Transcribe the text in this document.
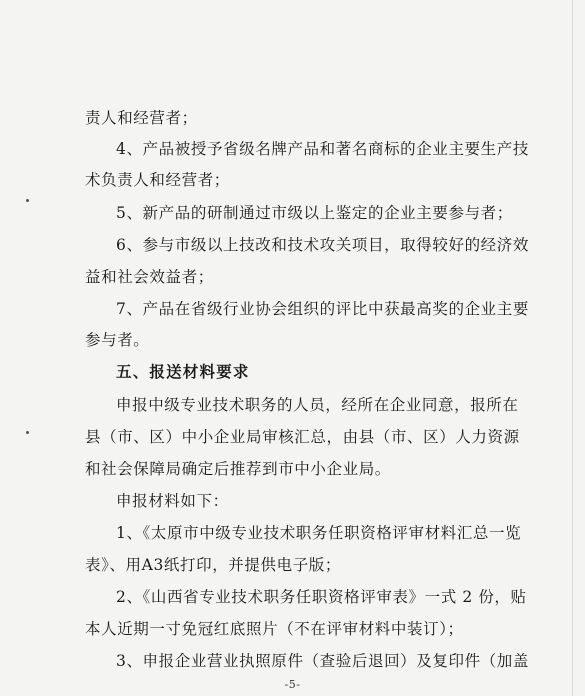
责人和经营者；
4、产品被授予省级名牌产品和著名商标的企业主要生产技
术负责人和经营者；
5、新产品的研制通过市级以上鉴定的企业主要参与者；
6、参与市级以上技改和技术攻关项目，取得较好的经济效
益和社会效益者；
7、产品在省级行业协会组织的评比中获最高奖的企业主要
参与者。
五、报送材料要求
申报中级专业技术职务的人员，经所在企业同意，报所在
县（市、区）中小企业局审核汇总，由县（市、区）人力资源
和社会保障局确定后推荐到市中小企业局。
申报材料如下：
1、《太原市中级专业技术职务任职资格评审材料汇总一览
表》、用A3纸打印，并提供电子版；
2、《山西省专业技术职务任职资格评审表》一式 2 份，贴
本人近期一寸免冠红底照片（不在评审材料中装订）；
3、申报企业营业执照原件（查验后退回）及复印件（加盖
-5-
